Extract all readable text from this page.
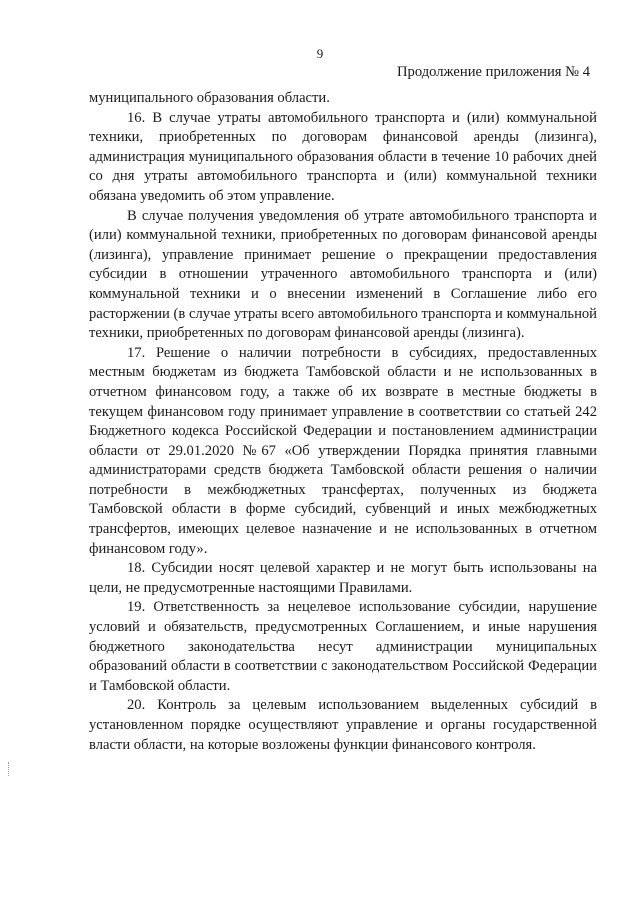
9
Продолжение приложения № 4

муниципального образования области.

16. В случае утраты автомобильного транспорта и (или) коммунальной техники, приобретенных по договорам финансовой аренды (лизинга), администрация муниципального образования области в течение 10 рабочих дней со дня утраты автомобильного транспорта и (или) коммунальной техники обязана уведомить об этом управление.

В случае получения уведомления об утрате автомобильного транспорта и (или) коммунальной техники, приобретенных по договорам финансовой аренды (лизинга), управление принимает решение о прекращении предоставления субсидии в отношении утраченного автомобильного транспорта и (или) коммунальной техники и о внесении изменений в Соглашение либо его расторжении (в случае утраты всего автомобильного транспорта и коммунальной техники, приобретенных по договорам финансовой аренды (лизинга).

17. Решение о наличии потребности в субсидиях, предоставленных местным бюджетам из бюджета Тамбовской области и не использованных в отчетном финансовом году, а также об их возврате в местные бюджеты в текущем финансовом году принимает управление в соответствии со статьей 242 Бюджетного кодекса Российской Федерации и постановлением администрации области от 29.01.2020 №67 «Об утверждении Порядка принятия главными администраторами средств бюджета Тамбовской области решения о наличии потребности в межбюджетных трансфертах, полученных из бюджета Тамбовской области в форме субсидий, субвенций и иных межбюджетных трансфертов, имеющих целевое назначение и не использованных в отчетном финансовом году».

18. Субсидии носят целевой характер и не могут быть использованы на цели, не предусмотренные настоящими Правилами.

19. Ответственность за нецелевое использование субсидии, нарушение условий и обязательств, предусмотренных Соглашением, и иные нарушения бюджетного законодательства несут администрации муниципальных образований области в соответствии с законодательством Российской Федерации и Тамбовской области.

20. Контроль за целевым использованием выделенных субсидий в установленном порядке осуществляют управление и органы государственной власти области, на которые возложены функции финансового контроля.
